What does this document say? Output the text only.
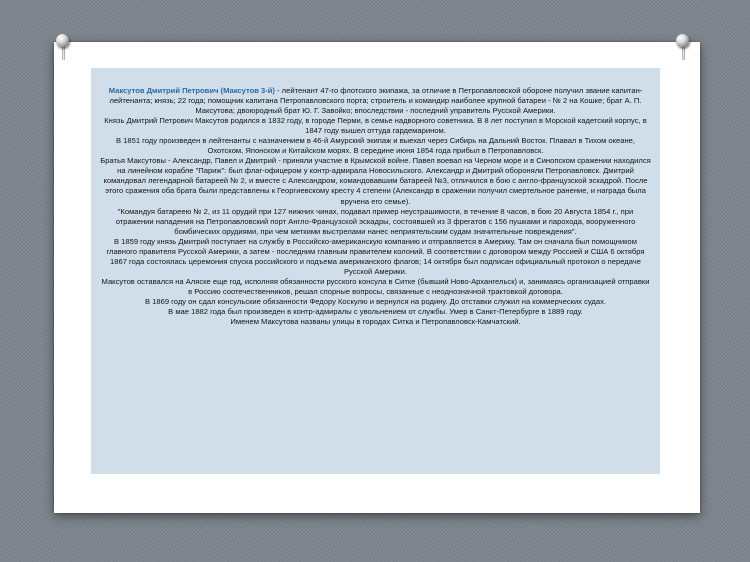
Максутов Дмитрий Петрович (Максутов 3-й) - лейтенант 47-го флотского экипажа, за отличие в Петропавловской обороне получил звание капитан-лейтенанта; князь; 22 года; помощник капитана Петропавловского порта; строитель и командир наиболее крупной батареи - № 2 на Кошке; брат А. П. Максутова; двоюродный брат Ю. Г. Завойко; впоследствии - последний управитель Русской Америки.

Князь Дмитрий Петрович Максутов родился в 1832 году, в городе Перми, в семье надворного советника. В 8 лет поступил в Морской кадетский корпус, в 1847 году вышел оттуда гардемарином.

В 1851 году произведен в лейтенанты с назначением в 46-й Амурский экипаж и выехал через Сибирь на Дальний Восток. Плавал в Тихом океане, Охотском, Японском и Китайском морях. В середине июня 1854 года прибыл в Петропавловск.

Братья Максутовы - Александр, Павел и Дмитрий - приняли участие в Крымской войне. Павел воевал на Черном море и в Синопском сражении находился на линейном корабле "Париж": был флаг-офицером у контр-адмирала Новосильского. Александр и Дмитрий обороняли Петропавловск. Дмитрий командовал легендарной батареей № 2, и вместе с Александром, командовавшим батареей №3, отличился в бою с англо-французской эскадрой. После этого сражения оба брата были представлены к Георгиевскому кресту 4 степени (Александр в сражении получил смертельное ранение, и награда была вручена его семье).

"Командуя батареею № 2, из 11 орудий при 127 нижних чинах, подавал пример неустрашимости, в течение 8 часов, в бою 20 Августа 1854 г., при отражении нападения на Петропавловский порт Англо-Французской эскадры, состоявшей из 3 фрегатов с 156 пушками и парохода, вооруженного бомбических орудиями, при чем меткими выстрелами нанес неприятельским судам значительные повреждения".

В 1859 году князь Дмитрий поступает на службу в Российско-американскую компанию и отправляется в Америку. Там он сначала был помощником главного правителя Русской Америки, а затем - последним главным правителем колоний. В соответствии с договором между Россией и США 6 октября 1867 года состоялась церемония спуска российского и подъема американского флагов; 14 октября был подписан официальный протокол о передаче Русской Америки.

Максутов оставался на Аляске еще год, исполняя обязанности русского консула в Ситке (бывший Ново-Архангельск) и, занимаясь организацией отправки в Россию соотечественников, решал спорные вопросы, связанные с неоднозначной трактовкой договора.

В 1869 году он сдал консульские обязанности Федору Коскулю и вернулся на родину. До отставки служил на коммерческих судах.

В мае 1882 года был произведен в контр-адмиралы с увольнением от службы. Умер в Санкт-Петербурге в 1889 году.

Именем Максутова названы улицы в городах Ситка и Петропавловск-Камчатский.
